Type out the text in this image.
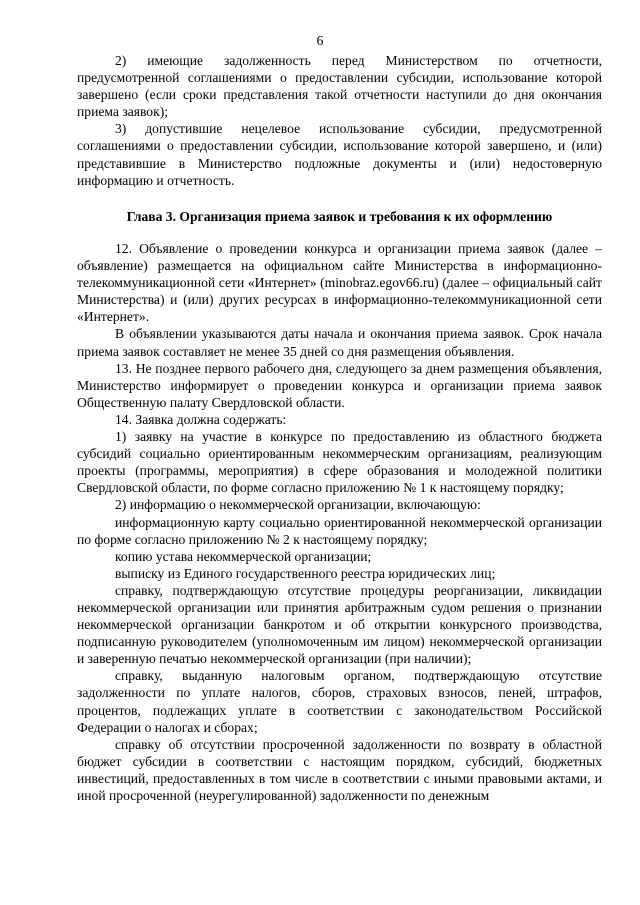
6

2) имеющие задолженность перед Министерством по отчетности, предусмотренной соглашениями о предоставлении субсидии, использование которой завершено (если сроки представления такой отчетности наступили до дня окончания приема заявок);

3) допустившие нецелевое использование субсидии, предусмотренной соглашениями о предоставлении субсидии, использование которой завершено, и (или) представившие в Министерство подложные документы и (или) недостоверную информацию и отчетность.

Глава 3. Организация приема заявок и требования к их оформлению

12. Объявление о проведении конкурса и организации приема заявок (далее – объявление) размещается на официальном сайте Министерства в информационно-телекоммуникационной сети «Интернет» (minobraz.egov66.ru) (далее – официальный сайт Министерства) и (или) других ресурсах в информационно-телекоммуникационной сети «Интернет».

В объявлении указываются даты начала и окончания приема заявок. Срок начала приема заявок составляет не менее 35 дней со дня размещения объявления.

13. Не позднее первого рабочего дня, следующего за днем размещения объявления, Министерство информирует о проведении конкурса и организации приема заявок Общественную палату Свердловской области.

14. Заявка должна содержать:

1) заявку на участие в конкурсе по предоставлению из областного бюджета субсидий социально ориентированным некоммерческим организациям, реализующим проекты (программы, мероприятия) в сфере образования и молодежной политики Свердловской области, по форме согласно приложению № 1 к настоящему порядку;

2) информацию о некоммерческой организации, включающую:

информационную карту социально ориентированной некоммерческой организации по форме согласно приложению № 2 к настоящему порядку;

копию устава некоммерческой организации;

выписку из Единого государственного реестра юридических лиц;

справку, подтверждающую отсутствие процедуры реорганизации, ликвидации некоммерческой организации или принятия арбитражным судом решения о признании некоммерческой организации банкротом и об открытии конкурсного производства, подписанную руководителем (уполномоченным им лицом) некоммерческой организации и заверенную печатью некоммерческой организации (при наличии);

справку, выданную налоговым органом, подтверждающую отсутствие задолженности по уплате налогов, сборов, страховых взносов, пеней, штрафов, процентов, подлежащих уплате в соответствии с законодательством Российской Федерации о налогах и сборах;

справку об отсутствии просроченной задолженности по возврату в областной бюджет субсидии в соответствии с настоящим порядком, субсидий, бюджетных инвестиций, предоставленных в том числе в соответствии с иными правовыми актами, и иной просроченной (неурегулированной) задолженности по денежным
